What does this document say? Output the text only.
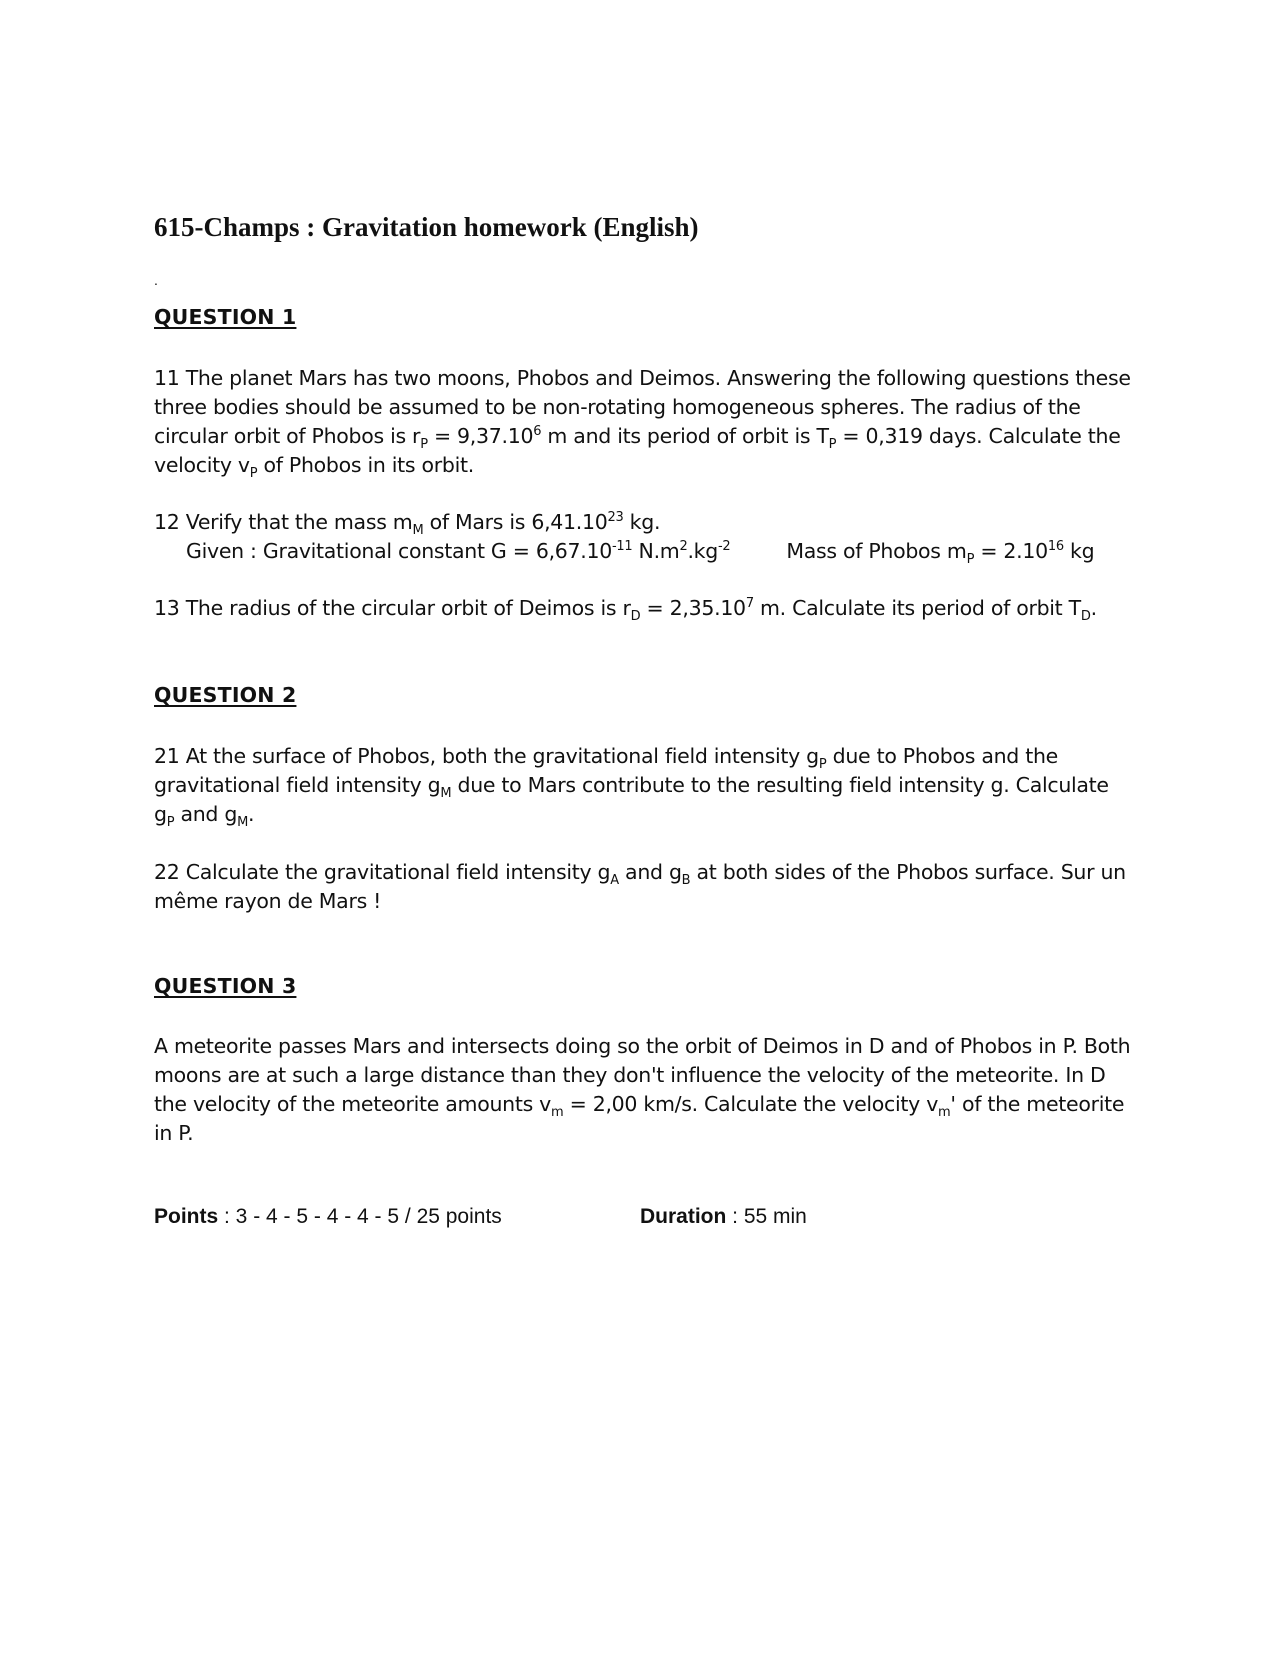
615-Champs : Gravitation homework (English)
.
QUESTION 1
11 The planet Mars has two moons, Phobos and Deimos. Answering the following questions these
three bodies should be assumed to be non-rotating homogeneous spheres. The radius of the
circular orbit of Phobos is $r_P = 9,37.10^6$ m and its period of orbit is $T_P = 0,319$ days. Calculate the
velocity $v_P$ of Phobos in its orbit.
12 Verify that the mass $m_M$ of Mars is 6,41.10$^{23}$ kg.
Given : Gravitational constant $G = 6,67.10^{-11}$ $N.m^2.kg^{-2}$	Mass of Phobos $m_P = 2.10^{16}$ kg
13 The radius of the circular orbit of Deimos is $r_D = 2,35.10^7$ m. Calculate its period of orbit $T_D$.
QUESTION 2
21 At the surface of Phobos, both the gravitational field intensity $g_P$ due to Phobos and the
gravitational field intensity $g_M$ due to Mars contribute to the resulting field intensity g. Calculate
$g_P$ and $g_M$.
22 Calculate the gravitational field intensity $g_A$ and $g_B$ at both sides of the Phobos surface. Sur un
même rayon de Mars !
QUESTION 3
A meteorite passes Mars and intersects doing so the orbit of Deimos in D and of Phobos in P. Both
moons are at such a large distance than they don't influence the velocity of the meteorite. In D
the velocity of the meteorite amounts $v_m = 2,00$ km/s. Calculate the velocity $v_m'$ of the meteorite
in P.
Points : 3 - 4 - 5 - 4 - 4 - 5 / 25 points	Duration : 55 min
